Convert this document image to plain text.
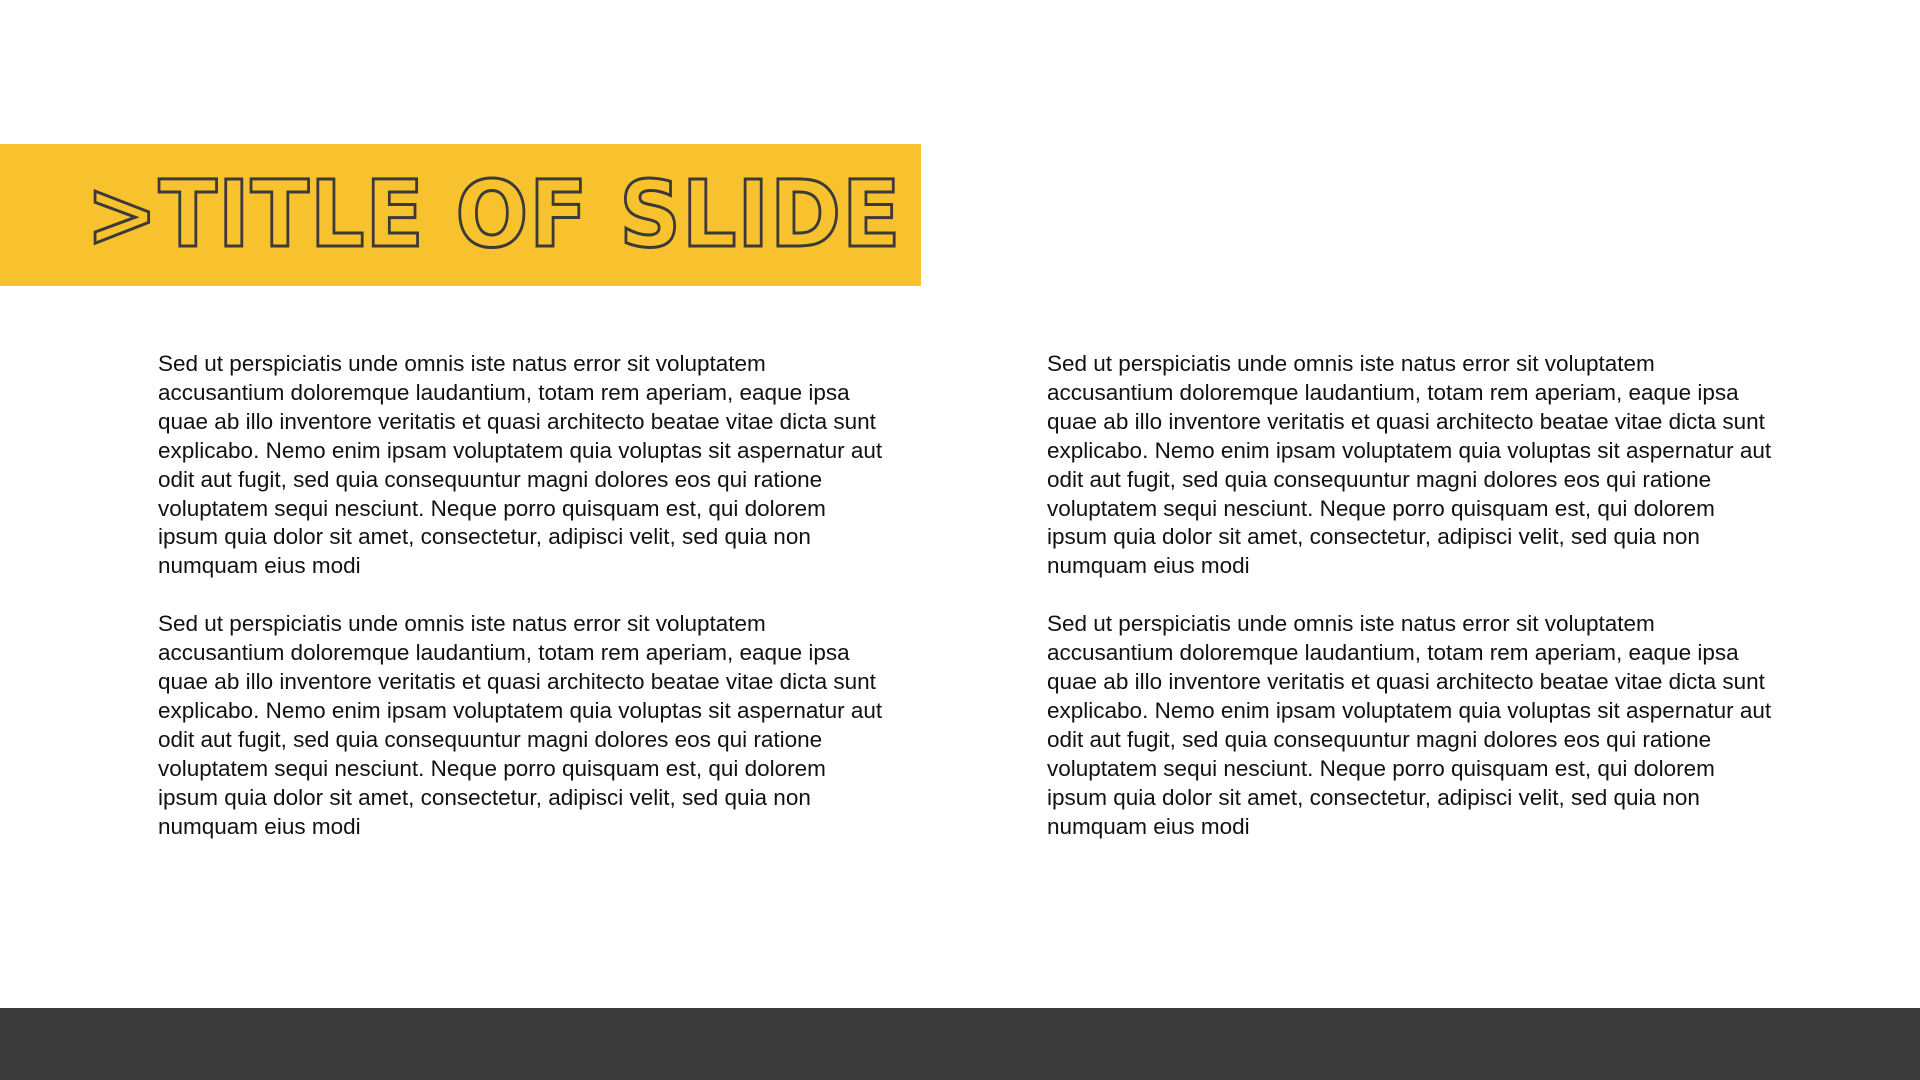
>TITLE OF SLIDE

Sed ut perspiciatis unde omnis iste natus error sit voluptatem accusantium doloremque laudantium, totam rem aperiam, eaque ipsa quae ab illo inventore veritatis et quasi architecto beatae vitae dicta sunt explicabo. Nemo enim ipsam voluptatem quia voluptas sit aspernatur aut odit aut fugit, sed quia consequuntur magni dolores eos qui ratione voluptatem sequi nesciunt. Neque porro quisquam est, qui dolorem ipsum quia dolor sit amet, consectetur, adipisci velit, sed quia non numquam eius modi

Sed ut perspiciatis unde omnis iste natus error sit voluptatem accusantium doloremque laudantium, totam rem aperiam, eaque ipsa quae ab illo inventore veritatis et quasi architecto beatae vitae dicta sunt explicabo. Nemo enim ipsam voluptatem quia voluptas sit aspernatur aut odit aut fugit, sed quia consequuntur magni dolores eos qui ratione voluptatem sequi nesciunt. Neque porro quisquam est, qui dolorem ipsum quia dolor sit amet, consectetur, adipisci velit, sed quia non numquam eius modi

Sed ut perspiciatis unde omnis iste natus error sit voluptatem accusantium doloremque laudantium, totam rem aperiam, eaque ipsa quae ab illo inventore veritatis et quasi architecto beatae vitae dicta sunt explicabo. Nemo enim ipsam voluptatem quia voluptas sit aspernatur aut odit aut fugit, sed quia consequuntur magni dolores eos qui ratione voluptatem sequi nesciunt. Neque porro quisquam est, qui dolorem ipsum quia dolor sit amet, consectetur, adipisci velit, sed quia non numquam eius modi

Sed ut perspiciatis unde omnis iste natus error sit voluptatem accusantium doloremque laudantium, totam rem aperiam, eaque ipsa quae ab illo inventore veritatis et quasi architecto beatae vitae dicta sunt explicabo. Nemo enim ipsam voluptatem quia voluptas sit aspernatur aut odit aut fugit, sed quia consequuntur magni dolores eos qui ratione voluptatem sequi nesciunt. Neque porro quisquam est, qui dolorem ipsum quia dolor sit amet, consectetur, adipisci velit, sed quia non numquam eius modi
